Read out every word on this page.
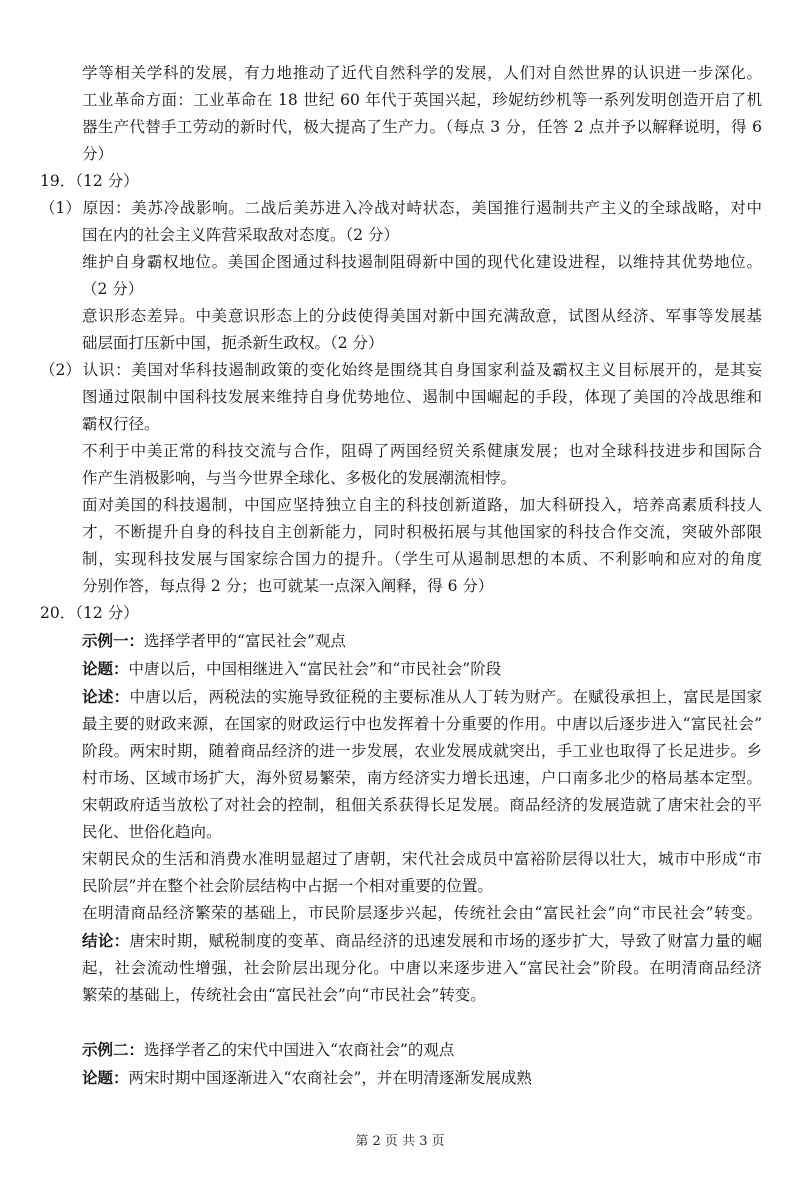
学等相关学科的发展，有力地推动了近代自然科学的发展，人们对自然世界的认识进一步深化。
工业革命方面：工业革命在 18 世纪 60 年代于英国兴起，珍妮纺纱机等一系列发明创造开启了机
器生产代替手工劳动的新时代，极大提高了生产力。（每点 3 分，任答 2 点并予以解释说明，得 6
分）
19．（12 分）
（1）原因：美苏冷战影响。二战后美苏进入冷战对峙状态，美国推行遏制共产主义的全球战略，对中
国在内的社会主义阵营采取敌对态度。（2 分）
维护自身霸权地位。美国企图通过科技遏制阻碍新中国的现代化建设进程，以维持其优势地位。
（2 分）
意识形态差异。中美意识形态上的分歧使得美国对新中国充满敌意，试图从经济、军事等发展基
础层面打压新中国，扼杀新生政权。（2 分）
（2）认识：美国对华科技遏制政策的变化始终是围绕其自身国家利益及霸权主义目标展开的，是其妄
图通过限制中国科技发展来维持自身优势地位、遏制中国崛起的手段，体现了美国的冷战思维和
霸权行径。
不利于中美正常的科技交流与合作，阻碍了两国经贸关系健康发展；也对全球科技进步和国际合
作产生消极影响，与当今世界全球化、多极化的发展潮流相悖。
面对美国的科技遏制，中国应坚持独立自主的科技创新道路，加大科研投入，培养高素质科技人
才，不断提升自身的科技自主创新能力，同时积极拓展与其他国家的科技合作交流，突破外部限
制，实现科技发展与国家综合国力的提升。（学生可从遏制思想的本质、不利影响和应对的角度
分别作答，每点得 2 分；也可就某一点深入阐释，得 6 分）
20．（12 分）
示例一：选择学者甲的“富民社会”观点
论题：中唐以后，中国相继进入“富民社会”和“市民社会”阶段
论述：中唐以后，两税法的实施导致征税的主要标准从人丁转为财产。在赋役承担上，富民是国家
最主要的财政来源，在国家的财政运行中也发挥着十分重要的作用。中唐以后逐步进入“富民社会”
阶段。两宋时期，随着商品经济的进一步发展，农业发展成就突出，手工业也取得了长足进步。乡
村市场、区域市场扩大，海外贸易繁荣，南方经济实力增长迅速，户口南多北少的格局基本定型。
宋朝政府适当放松了对社会的控制，租佃关系获得长足发展。商品经济的发展造就了唐宋社会的平
民化、世俗化趋向。
宋朝民众的生活和消费水准明显超过了唐朝，宋代社会成员中富裕阶层得以壮大，城市中形成“市
民阶层”并在整个社会阶层结构中占据一个相对重要的位置。
在明清商品经济繁荣的基础上，市民阶层逐步兴起，传统社会由“富民社会”向“市民社会”转变。
结论：唐宋时期，赋税制度的变革、商品经济的迅速发展和市场的逐步扩大，导致了财富力量的崛
起，社会流动性增强，社会阶层出现分化。中唐以来逐步进入“富民社会”阶段。在明清商品经济
繁荣的基础上，传统社会由“富民社会”向“市民社会”转变。
示例二：选择学者乙的宋代中国进入“农商社会”的观点
论题：两宋时期中国逐渐进入“农商社会”，并在明清逐渐发展成熟
第 2 页 共 3 页
